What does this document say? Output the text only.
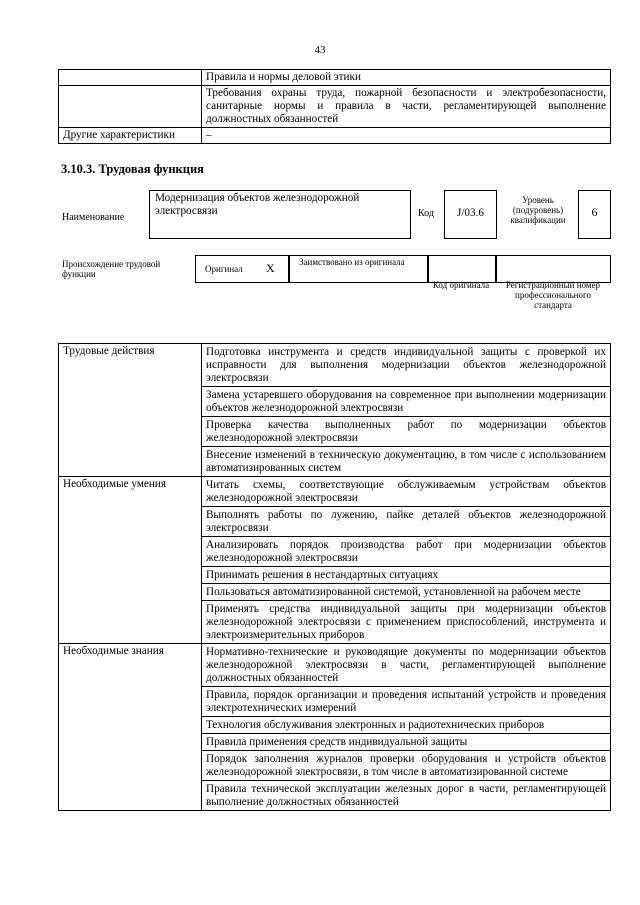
43
	Правила и нормы деловой этики
	Требования охраны труда, пожарной безопасности и электробезопасности, санитарные нормы и правила в части, регламентирующей выполнение должностных обязанностей
Другие характеристики	–
3.10.3. Трудовая функция
Наименование
Модернизация объектов железнодорожной электросвязи	Код	J/03.6
Уровень (подуровень) квалификации
6
Происхождение трудовой функции	Оригинал X	Заимствовано из оригинала
Код оригинала	Регистрационный номер профессионального стандарта
Трудовые действия	Подготовка инструмента и средств индивидуальной защиты с проверкой их исправности для выполнения модернизации объектов железнодорожной электросвязи
	Замена устаревшего оборудования на современное при выполнении модернизации объектов железнодорожной электросвязи
	Проверка качества выполненных работ по модернизации объектов железнодорожной электросвязи
	Внесение изменений в техническую документацию, в том числе с использованием автоматизированных систем
Необходимые умения	Читать схемы, соответствующие обслуживаемым устройствам объектов железнодорожной электросвязи
	Выполнять работы по лужению, пайке деталей объектов железнодорожной электросвязи
	Анализировать порядок производства работ при модернизации объектов железнодорожной электросвязи
	Принимать решения в нестандартных ситуациях
	Пользоваться автоматизированной системой, установленной на рабочем месте
	Применять средства индивидуальной защиты при модернизации объектов железнодорожной электросвязи с применением приспособлений, инструмента и электроизмерительных приборов
Необходимые знания	Нормативно-технические и руководящие документы по модернизации объектов железнодорожной электросвязи в части, регламентирующей выполнение должностных обязанностей
	Правила, порядок организации и проведения испытаний устройств и проведения электротехнических измерений
	Технология обслуживания электронных и радиотехнических приборов
	Правила применения средств индивидуальной защиты
	Порядок заполнения журналов проверки оборудования и устройств объектов железнодорожной электросвязи, в том числе в автоматизированной системе
	Правила технической эксплуатации железных дорог в части, регламентирующей выполнение должностных обязанностей
